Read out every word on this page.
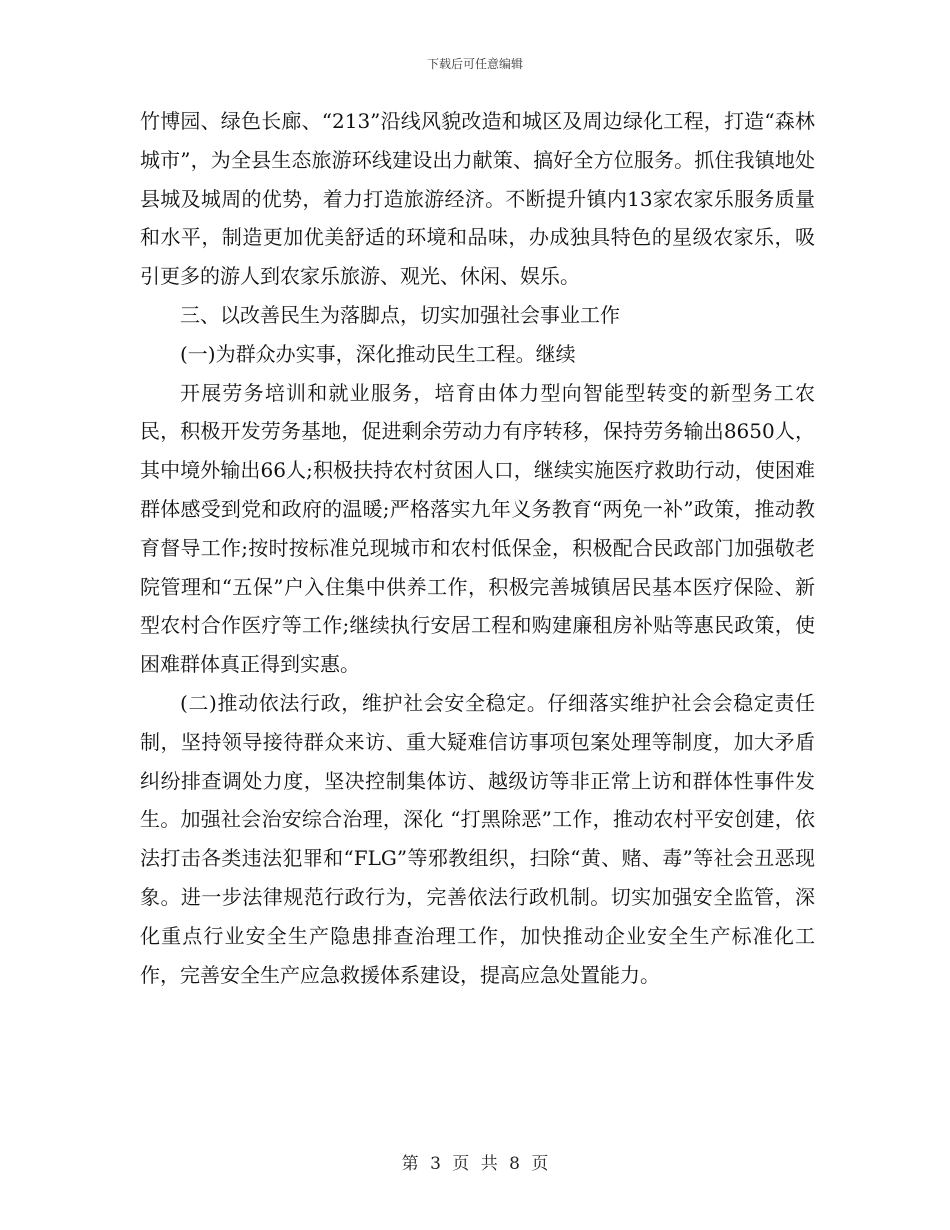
下载后可任意编辑

竹博园、绿色长廊、“213”沿线风貌改造和城区及周边绿化工程，打造“森林城市”，为全县生态旅游环线建设出力献策、搞好全方位服务。抓住我镇地处县城及城周的优势，着力打造旅游经济。不断提升镇内13家农家乐服务质量和水平，制造更加优美舒适的环境和品味，办成独具特色的星级农家乐，吸引更多的游人到农家乐旅游、观光、休闲、娱乐。

三、以改善民生为落脚点，切实加强社会事业工作

(一)为群众办实事，深化推动民生工程。继续

开展劳务培训和就业服务，培育由体力型向智能型转变的新型务工农民，积极开发劳务基地，促进剩余劳动力有序转移，保持劳务输出8650人，其中境外输出66人;积极扶持农村贫困人口，继续实施医疗救助行动，使困难群体感受到党和政府的温暖;严格落实九年义务教育“两免一补”政策，推动教育督导工作;按时按标准兑现城市和农村低保金，积极配合民政部门加强敬老院管理和“五保”户入住集中供养工作，积极完善城镇居民基本医疗保险、新型农村合作医疗等工作;继续执行安居工程和购建廉租房补贴等惠民政策，使困难群体真正得到实惠。

(二)推动依法行政，维护社会安全稳定。仔细落实维护社会会稳定责任制，坚持领导接待群众来访、重大疑难信访事项包案处理等制度，加大矛盾纠纷排查调处力度，坚决控制集体访、越级访等非正常上访和群体性事件发生。加强社会治安综合治理，深化 “打黑除恶”工作，推动农村平安创建，依法打击各类违法犯罪和“FLG”等邪教组织，扫除“黄、赌、毒”等社会丑恶现象。进一步法律规范行政行为，完善依法行政机制。切实加强安全监管，深化重点行业安全生产隐患排查治理工作，加快推动企业安全生产标准化工作，完善安全生产应急救援体系建设，提高应急处置能力。

第 3 页 共 8 页
